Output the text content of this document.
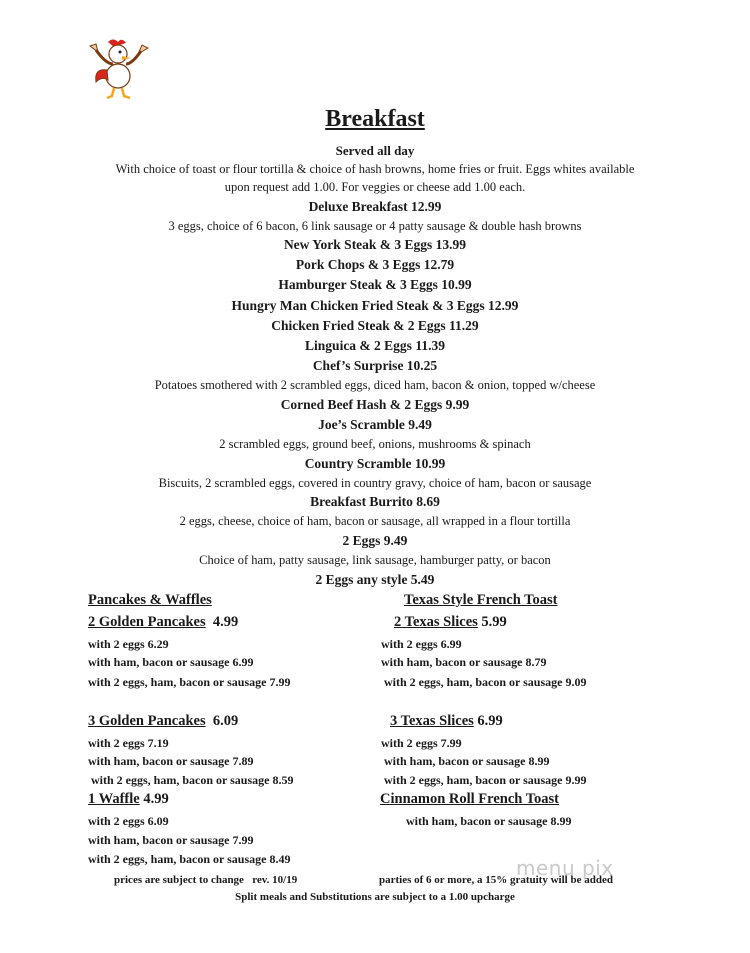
Breakfast
Served all day
With choice of toast or flour tortilla & choice of hash browns, home fries or fruit. Eggs whites available
upon request add 1.00. For veggies or cheese add 1.00 each.
Deluxe Breakfast 12.99
3 eggs, choice of 6 bacon, 6 link sausage or 4 patty sausage & double hash browns
New York Steak & 3 Eggs 13.99
Pork Chops & 3 Eggs 12.79
Hamburger Steak & 3 Eggs 10.99
Hungry Man Chicken Fried Steak & 3 Eggs 12.99
Chicken Fried Steak & 2 Eggs 11.29
Linguica & 2 Eggs 11.39
Chef’s Surprise 10.25
Potatoes smothered with 2 scrambled eggs, diced ham, bacon & onion, topped w/cheese
Corned Beef Hash & 2 Eggs 9.99
Joe’s Scramble 9.49
2 scrambled eggs, ground beef, onions, mushrooms & spinach
Country Scramble 10.99
Biscuits, 2 scrambled eggs, covered in country gravy, choice of ham, bacon or sausage
Breakfast Burrito 8.69
2 eggs, cheese, choice of ham, bacon or sausage, all wrapped in a flour tortilla
2 Eggs 9.49
Choice of ham, patty sausage, link sausage, hamburger patty, or bacon
2 Eggs any style 5.49
Pancakes & Waffles
2 Golden Pancakes  4.99
with 2 eggs 6.29
with ham, bacon or sausage 6.99
with 2 eggs, ham, bacon or sausage 7.99
3 Golden Pancakes  6.09
with 2 eggs 7.19
with ham, bacon or sausage 7.89
with 2 eggs, ham, bacon or sausage 8.59
1 Waffle 4.99
with 2 eggs 6.09
with ham, bacon or sausage 7.99
with 2 eggs, ham, bacon or sausage 8.49
Texas Style French Toast
2 Texas Slices 5.99
with 2 eggs 6.99
with ham, bacon or sausage 8.79
with 2 eggs, ham, bacon or sausage 9.09
3 Texas Slices 6.99
with 2 eggs 7.99
with ham, bacon or sausage 8.99
with 2 eggs, ham, bacon or sausage 9.99
Cinnamon Roll French Toast
with ham, bacon or sausage 8.99
prices are subject to change   rev. 10/19	parties of 6 or more, a 15% gratuity will be added
Split meals and Substitutions are subject to a 1.00 upcharge
menu pix
